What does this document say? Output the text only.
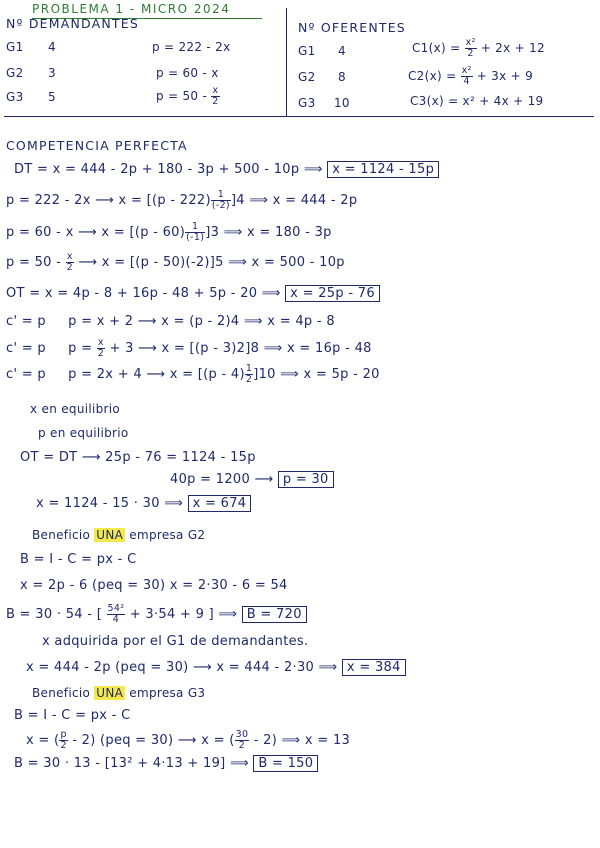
PROBLEMA 1 - MICRO 2024
Nº DEMANDANTES
G1 4	p = 222 - 2x
G2 3	p = 60 - x
G3 5	$p = 50 - \frac{x}{2}$
Nº OFERENTES
G1 4	$C1(x) = \frac{\text{x²}}{2} + 2x + 12$
G2 8	$C2(x) = \frac{\text{x²}}{4} + 3x + 9$
G3 10	C3(x) = x² + 4x + 19
COMPETENCIA PERFECTA
DT = x = 444 - 2p + 180 - 3p + 500 - 10p ⟹ x = 1124 - 15p
p = 222 - 2x ⟶ $x = [(p - 222) \frac{1}{(-2)} ]4$ ⟹ x = 444 - 2p
p = 60 - x ⟶ $x = [(p - 60) \frac{1}{(-1)} ]3$ ⟹ x = 180 - 3p
$p = 50 - \frac{x}{2}$ ⟶ x = [(p - 50)(-2)]5 ⟹ x = 500 - 10p
OT = x = 4p - 8 + 16p - 48 + 5p - 20 ⟹ x = 25p - 76
c' = p p = x + 2 ⟶ x = (p - 2)4 ⟹ x = 4p - 8
c' = p $p = \frac{x}{2} + 3$ ⟶ x = [(p - 3)2]8 ⟹ x = 16p - 48
c' = p p = 2x + 4 ⟶ $x = [(p - 4) \frac{1}{2} ]10$ ⟹ x = 5p - 20
x en equilibrio
p en equilibrio
OT = DT ⟶ 25p - 76 = 1124 - 15p
40p = 1200 ⟶ p = 30
x = 1124 - 15 · 30 ⟹ x = 674
Beneficio UNA empresa G2
B = I - C = px - C
x = 2p - 6 (peq = 30) x = 2·30 - 6 = 54
B = 30 · 54 - [ $\frac{\text{54²}}{4} + 3\cdot 54 + 9$ ] ⟹ B = 720
x adquirida por el G1 de demandantes.
x = 444 - 2p (peq = 30) ⟶ x = 444 - 2·30 ⟹ x = 384
Beneficio UNA empresa G3
B = I - C = px - C
x = ( $\frac{p}{2} - 2$) (peq = 30) ⟶ x = ( $\frac{30}{2} - 2$) ⟹ x = 13
B = 30 · 13 - [13² + 4·13 + 19] ⟹ B = 150
